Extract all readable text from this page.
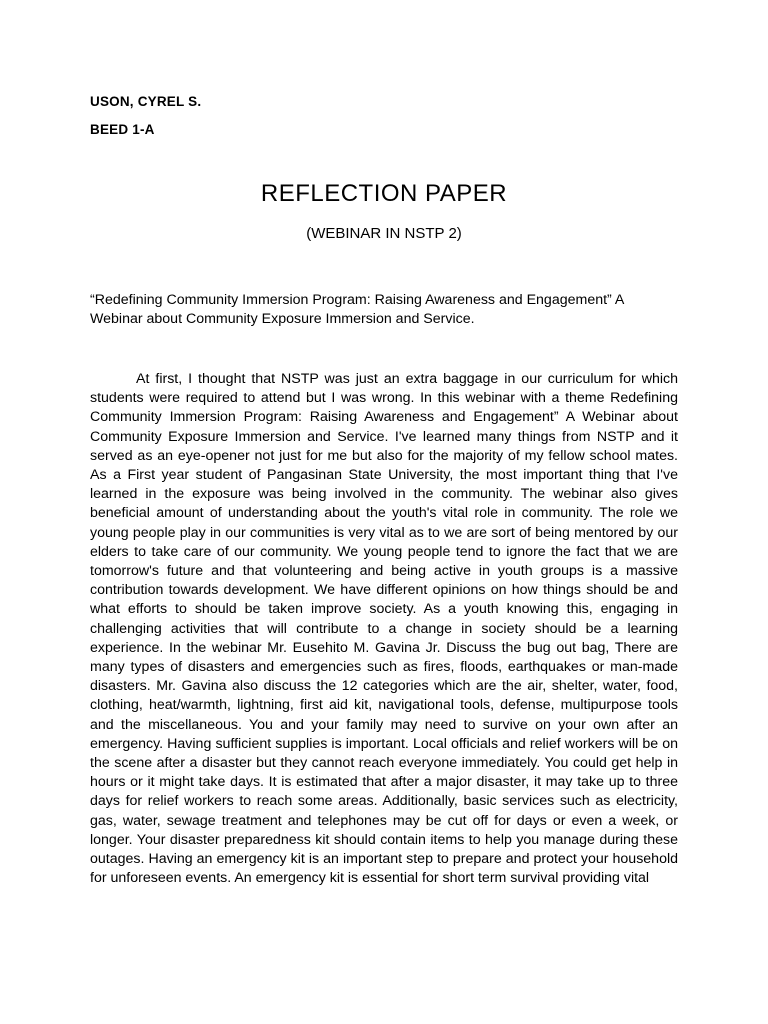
USON, CYREL S.
BEED 1-A
REFLECTION PAPER
(WEBINAR IN NSTP 2)

“Redefining Community Immersion Program: Raising Awareness and Engagement” A Webinar about Community Exposure Immersion and Service.

At first, I thought that NSTP was just an extra baggage in our curriculum for which students were required to attend but I was wrong. In this webinar with a theme Redefining Community Immersion Program: Raising Awareness and Engagement” A Webinar about Community Exposure Immersion and Service. I've learned many things from NSTP and it served as an eye-opener not just for me but also for the majority of my fellow school mates. As a First year student of Pangasinan State University, the most important thing that I've learned in the exposure was being involved in the community. The webinar also gives beneficial amount of understanding about the youth's vital role in community. The role we young people play in our communities is very vital as to we are sort of being mentored by our elders to take care of our community. We young people tend to ignore the fact that we are tomorrow's future and that volunteering and being active in youth groups is a massive contribution towards development. We have different opinions on how things should be and what efforts to should be taken improve society. As a youth knowing this, engaging in challenging activities that will contribute to a change in society should be a learning experience. In the webinar Mr. Eusehito M. Gavina Jr. Discuss the bug out bag, There are many types of disasters and emergencies such as fires, floods, earthquakes or man-made disasters. Mr. Gavina also discuss the 12 categories which are the air, shelter, water, food, clothing, heat/warmth, lightning, first aid kit, navigational tools, defense, multipurpose tools and the miscellaneous. You and your family may need to survive on your own after an emergency. Having sufficient supplies is important. Local officials and relief workers will be on the scene after a disaster but they cannot reach everyone immediately. You could get help in hours or it might take days. It is estimated that after a major disaster, it may take up to three days for relief workers to reach some areas. Additionally, basic services such as electricity, gas, water, sewage treatment and telephones may be cut off for days or even a week, or longer. Your disaster preparedness kit should contain items to help you manage during these outages. Having an emergency kit is an important step to prepare and protect your household for unforeseen events. An emergency kit is essential for short term survival providing vital
